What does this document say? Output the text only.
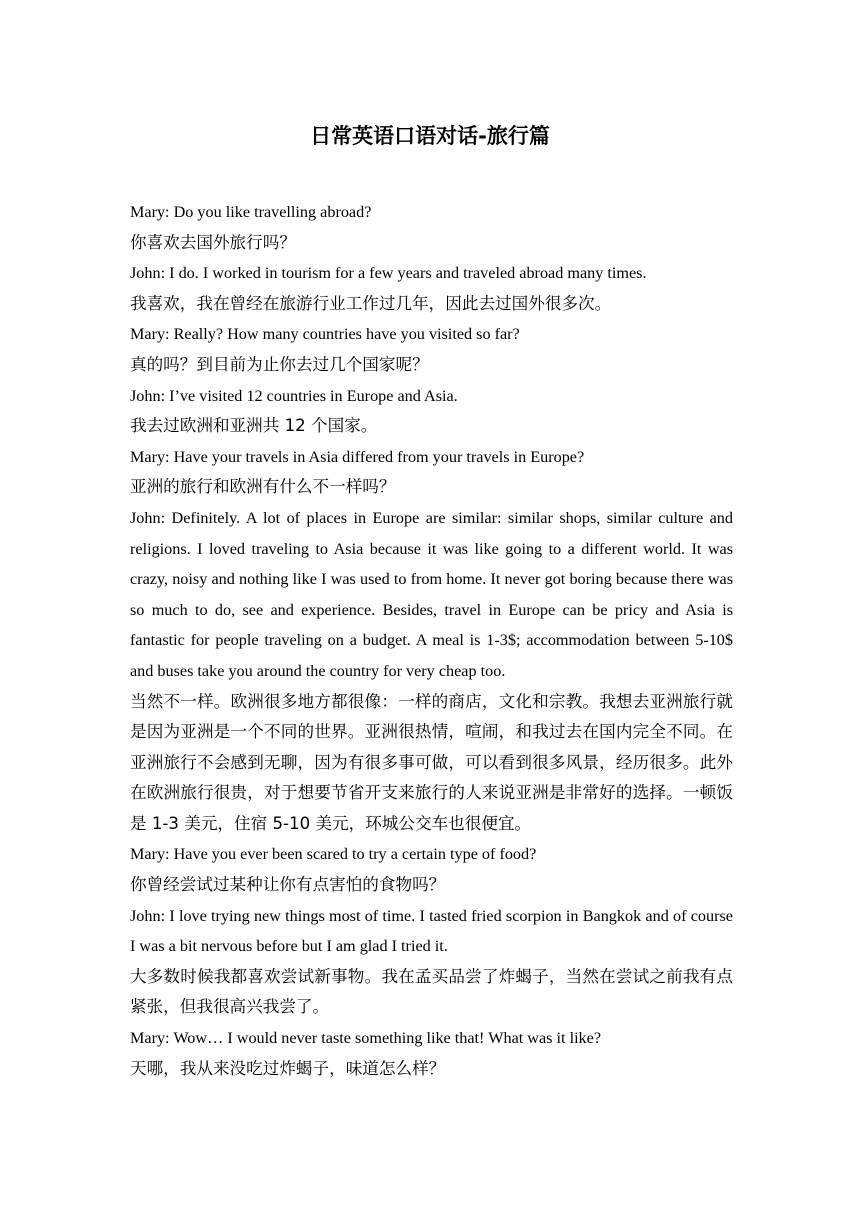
日常英语口语对话-旅行篇

Mary: Do you like travelling abroad?

你喜欢去国外旅行吗？

John: I do. I worked in tourism for a few years and traveled abroad many times.

我喜欢，我在曾经在旅游行业工作过几年，因此去过国外很多次。

Mary: Really? How many countries have you visited so far?

真的吗？到目前为止你去过几个国家呢？

John: I’ve visited 12 countries in Europe and Asia.

我去过欧洲和亚洲共 12 个国家。

Mary: Have your travels in Asia differed from your travels in Europe?

亚洲的旅行和欧洲有什么不一样吗？

John: Definitely. A lot of places in Europe are similar: similar shops, similar culture and religions. I loved traveling to Asia because it was like going to a different world. It was crazy, noisy and nothing like I was used to from home. It never got boring because there was so much to do, see and experience. Besides, travel in Europe can be pricy and Asia is fantastic for people traveling on a budget. A meal is 1-3$; accommodation between 5-10$ and buses take you around the country for very cheap too.

当然不一样。欧洲很多地方都很像：一样的商店，文化和宗教。我想去亚洲旅行就是因为亚洲是一个不同的世界。亚洲很热情，喧闹，和我过去在国内完全不同。在亚洲旅行不会感到无聊，因为有很多事可做，可以看到很多风景，经历很多。此外在欧洲旅行很贵，对于想要节省开支来旅行的人来说亚洲是非常好的选择。一顿饭是 1-3 美元，住宿 5-10 美元，环城公交车也很便宜。

Mary: Have you ever been scared to try a certain type of food?

你曾经尝试过某种让你有点害怕的食物吗？

John: I love trying new things most of time. I tasted fried scorpion in Bangkok and of course I was a bit nervous before but I am glad I tried it.

大多数时候我都喜欢尝试新事物。我在孟买品尝了炸蝎子，当然在尝试之前我有点紧张，但我很高兴我尝了。

Mary: Wow… I would never taste something like that! What was it like?

天哪，我从来没吃过炸蝎子，味道怎么样？
